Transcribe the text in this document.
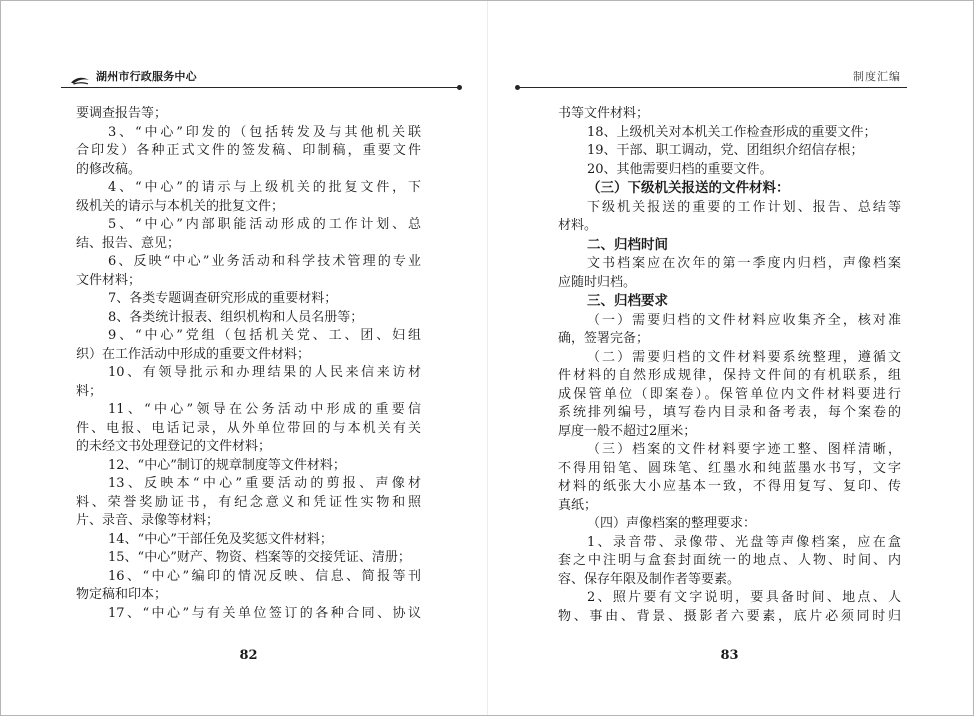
湖州市行政服务中心	制度汇编
要调查报告等；
3、“中心”印发的（包括转发及与其他机关联
合印发）各种正式文件的签发稿、印制稿，重要文件
的修改稿。
4、“中心”的请示与上级机关的批复文件，下
级机关的请示与本机关的批复文件；
5、“中心”内部职能活动形成的工作计划、总
结、报告、意见；
6、反映“中心”业务活动和科学技术管理的专业
文件材料；
7、各类专题调查研究形成的重要材料；
8、各类统计报表、组织机构和人员名册等；
9、“中心”党组（包括机关党、工、团、妇组
织）在工作活动中形成的重要文件材料；
10、有领导批示和办理结果的人民来信来访材
料；
11、“中心”领导在公务活动中形成的重要信
件、电报、电话记录，从外单位带回的与本机关有关
的未经文书处理登记的文件材料；
12、“中心”制订的规章制度等文件材料；
13、反映本“中心”重要活动的剪报、声像材
料、荣誉奖励证书，有纪念意义和凭证性实物和照
片、录音、录像等材料；
14、“中心”干部任免及奖惩文件材料；
15、“中心”财产、物资、档案等的交接凭证、清册；
16、“中心”编印的情况反映、信息、简报等刊
物定稿和印本；
17、“中心”与有关单位签订的各种合同、协议
书等文件材料；
18、上级机关对本机关工作检查形成的重要文件；
19、干部、职工调动，党、团组织介绍信存根；
20、其他需要归档的重要文件。
（三）下级机关报送的文件材料：
下级机关报送的重要的工作计划、报告、总结等
材料。
二、归档时间
文书档案应在次年的第一季度内归档，声像档案
应随时归档。
三、归档要求
（一）需要归档的文件材料应收集齐全，核对准
确，签署完备；
（二）需要归档的文件材料要系统整理，遵循文
件材料的自然形成规律，保持文件间的有机联系，组
成保管单位（即案卷）。保管单位内文件材料要进行
系统排列编号，填写卷内目录和备考表，每个案卷的
厚度一般不超过2厘米；
（三）档案的文件材料要字迹工整、图样清晰，
不得用铅笔、圆珠笔、红墨水和纯蓝墨水书写，文字
材料的纸张大小应基本一致，不得用复写、复印、传
真纸；
（四）声像档案的整理要求：
1、录音带、录像带、光盘等声像档案，应在盒
套之中注明与盒套封面统一的地点、人物、时间、内
容、保存年限及制作者等要素。
2、照片要有文字说明，要具备时间、地点、人
物、事由、背景、摄影者六要素，底片必须同时归
82	83
